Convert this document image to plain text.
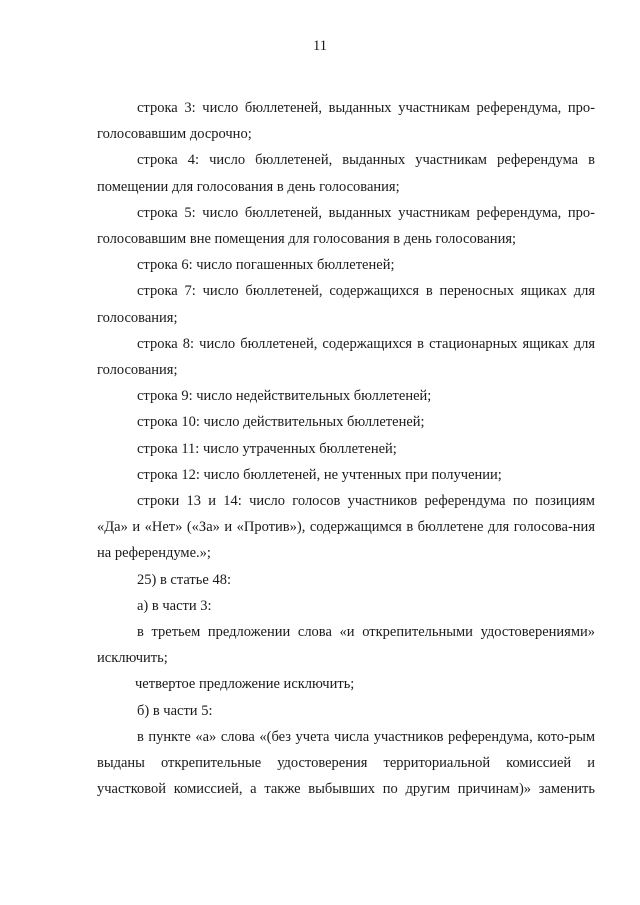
11

строка 3: число бюллетеней, выданных участникам референдума, про-голосовавшим досрочно;

строка 4: число бюллетеней, выданных участникам референдума в помещении для голосования в день голосования;

строка 5: число бюллетеней, выданных участникам референдума, про-голосовавшим вне помещения для голосования в день голосования;

строка 6: число погашенных бюллетеней;

строка 7: число бюллетеней, содержащихся в переносных ящиках для голосования;

строка 8: число бюллетеней, содержащихся в стационарных ящиках для голосования;

строка 9: число недействительных бюллетеней;

строка 10: число действительных бюллетеней;

строка 11: число утраченных бюллетеней;

строка 12: число бюллетеней, не учтенных при получении;

строки 13 и 14: число голосов участников референдума по позициям «Да» и «Нет» («За» и «Против»), содержащимся в бюллетене для голосова-ния на референдуме.»;

25) в статье 48:

а) в части 3:

в третьем предложении слова «и открепительными удостоверениями» исключить;

четвертое предложение исключить;

б) в части 5:

в пункте «а» слова «(без учета числа участников референдума, кото-рым выданы открепительные удостоверения территориальной комиссией и участковой комиссией, а также выбывших по другим причинам)» заменить
